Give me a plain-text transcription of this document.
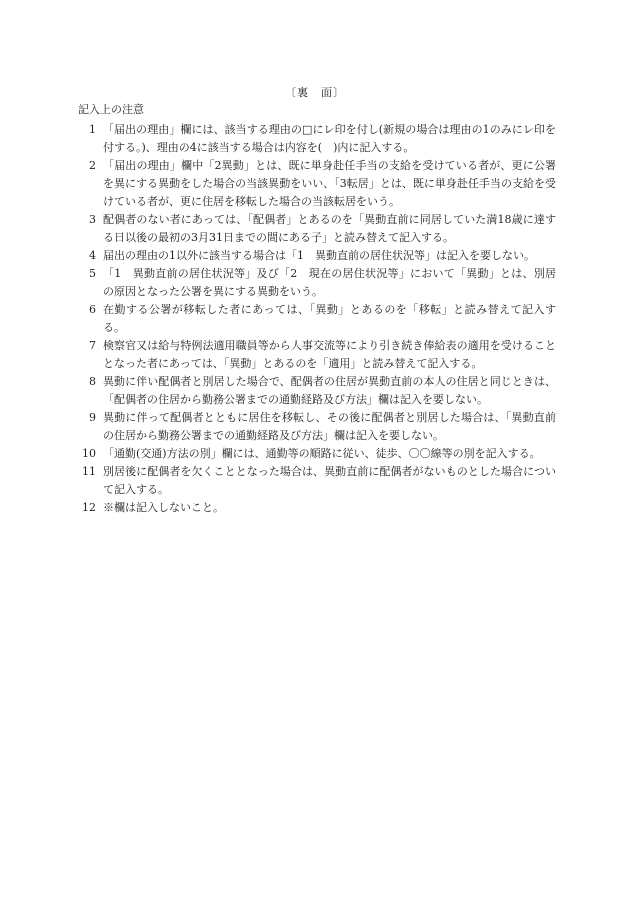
〔裏　面〕
記入上の注意
1 「届出の理由」欄には、該当する理由の□にレ印を付し(新規の場合は理由の1のみにレ印を付する。)、理由の4に該当する場合は内容を(　)内に記入する。
2 「届出の理由」欄中「2異動」とは、既に単身赴任手当の支給を受けている者が、更に公署を異にする異動をした場合の当該異動をいい、「3転居」とは、既に単身赴任手当の支給を受けている者が、更に住居を移転した場合の当該転居をいう。
3 配偶者のない者にあっては、「配偶者」とあるのを「異動直前に同居していた満18歳に達する日以後の最初の3月31日までの間にある子」と読み替えて記入する。
4 届出の理由の1以外に該当する場合は「1　異動直前の居住状況等」は記入を要しない。
5 「1　異動直前の居住状況等」及び「2　現在の居住状況等」において「異動」とは、別居の原因となった公署を異にする異動をいう。
6 在勤する公署が移転した者にあっては、「異動」とあるのを「移転」と読み替えて記入する。
7 検察官又は給与特例法適用職員等から人事交流等により引き続き俸給表の適用を受けることとなった者にあっては、「異動」とあるのを「適用」と読み替えて記入する。
8 異動に伴い配偶者と別居した場合で、配偶者の住居が異動直前の本人の住居と同じときは、「配偶者の住居から勤務公署までの通勤経路及び方法」欄は記入を要しない。
9 異動に伴って配偶者とともに居住を移転し、その後に配偶者と別居した場合は、「異動直前の住居から勤務公署までの通勤経路及び方法」欄は記入を要しない。
10 「通勤(交通)方法の別」欄には、通勤等の順路に従い、徒歩、〇〇線等の別を記入する。
11 別居後に配偶者を欠くこととなった場合は、異動直前に配偶者がないものとした場合について記入する。
12 ※欄は記入しないこと。
